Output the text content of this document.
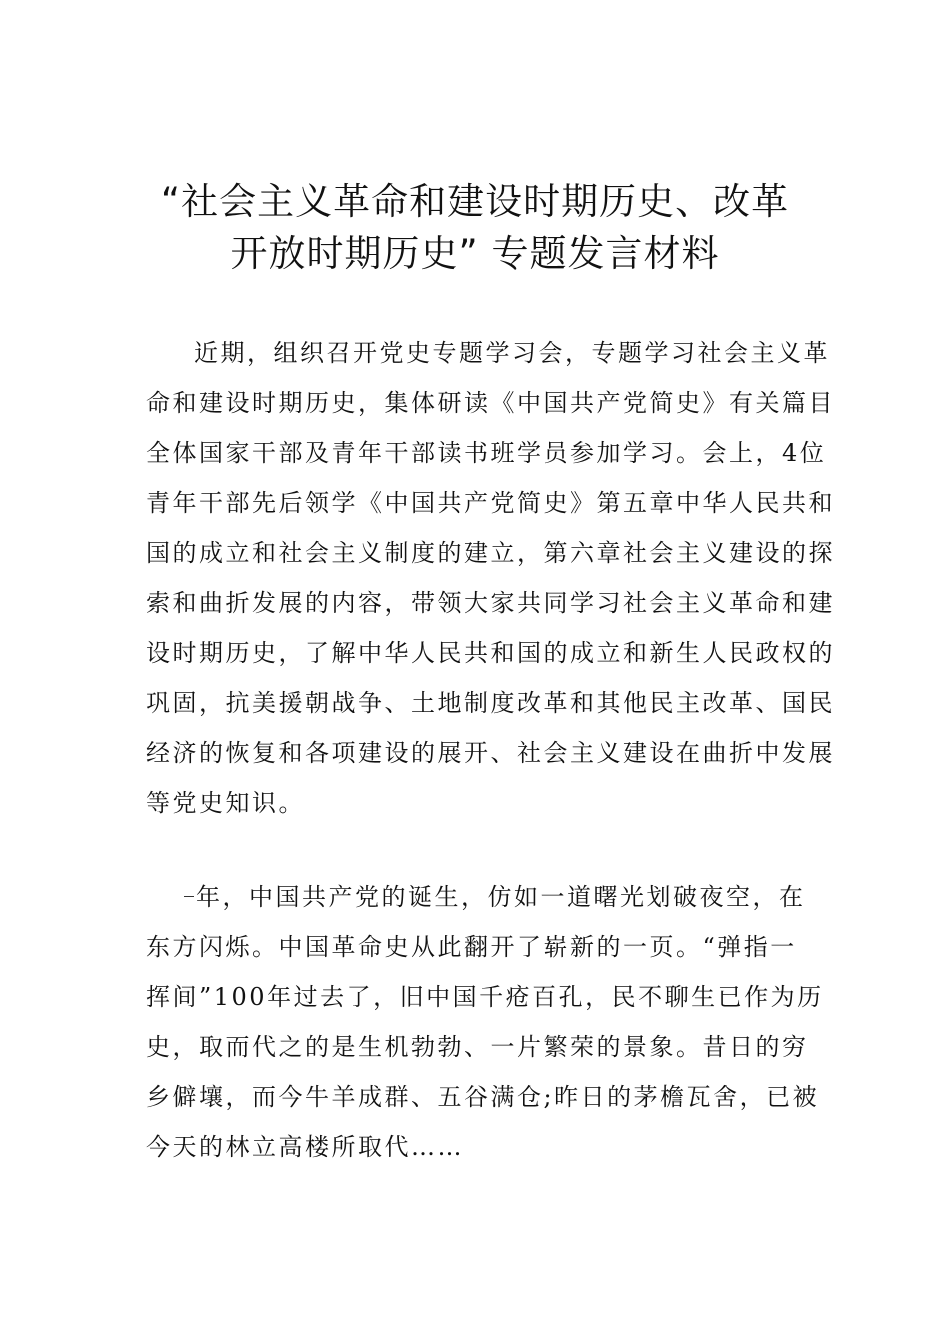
“社会主义革命和建设时期历史、改革
开放时期历史” 专题发言材料
近期，组织召开党史专题学习会，专题学习社会主义革
命和建设时期历史，集体研读《中国共产党简史》有关篇目
全体国家干部及青年干部读书班学员参加学习。会上，4位
青年干部先后领学《中国共产党简史》第五章中华人民共和
国的成立和社会主义制度的建立，第六章社会主义建设的探
索和曲折发展的内容，带领大家共同学习社会主义革命和建
设时期历史，了解中华人民共和国的成立和新生人民政权的
巩固，抗美援朝战争、土地制度改革和其他民主改革、国民
经济的恢复和各项建设的展开、社会主义建设在曲折中发展
等党史知识。
年，中国共产党的诞生，仿如一道曙光划破夜空，在
东方闪烁。中国革命史从此翻开了崭新的一页。“弹指一
挥间”100年过去了，旧中国千疮百孔，民不聊生已作为历
史，取而代之的是生机勃勃、一片繁荣的景象。昔日的穷
乡僻壤，而今牛羊成群、五谷满仓;昨日的茅檐瓦舍，已被
今天的林立高楼所取代……
